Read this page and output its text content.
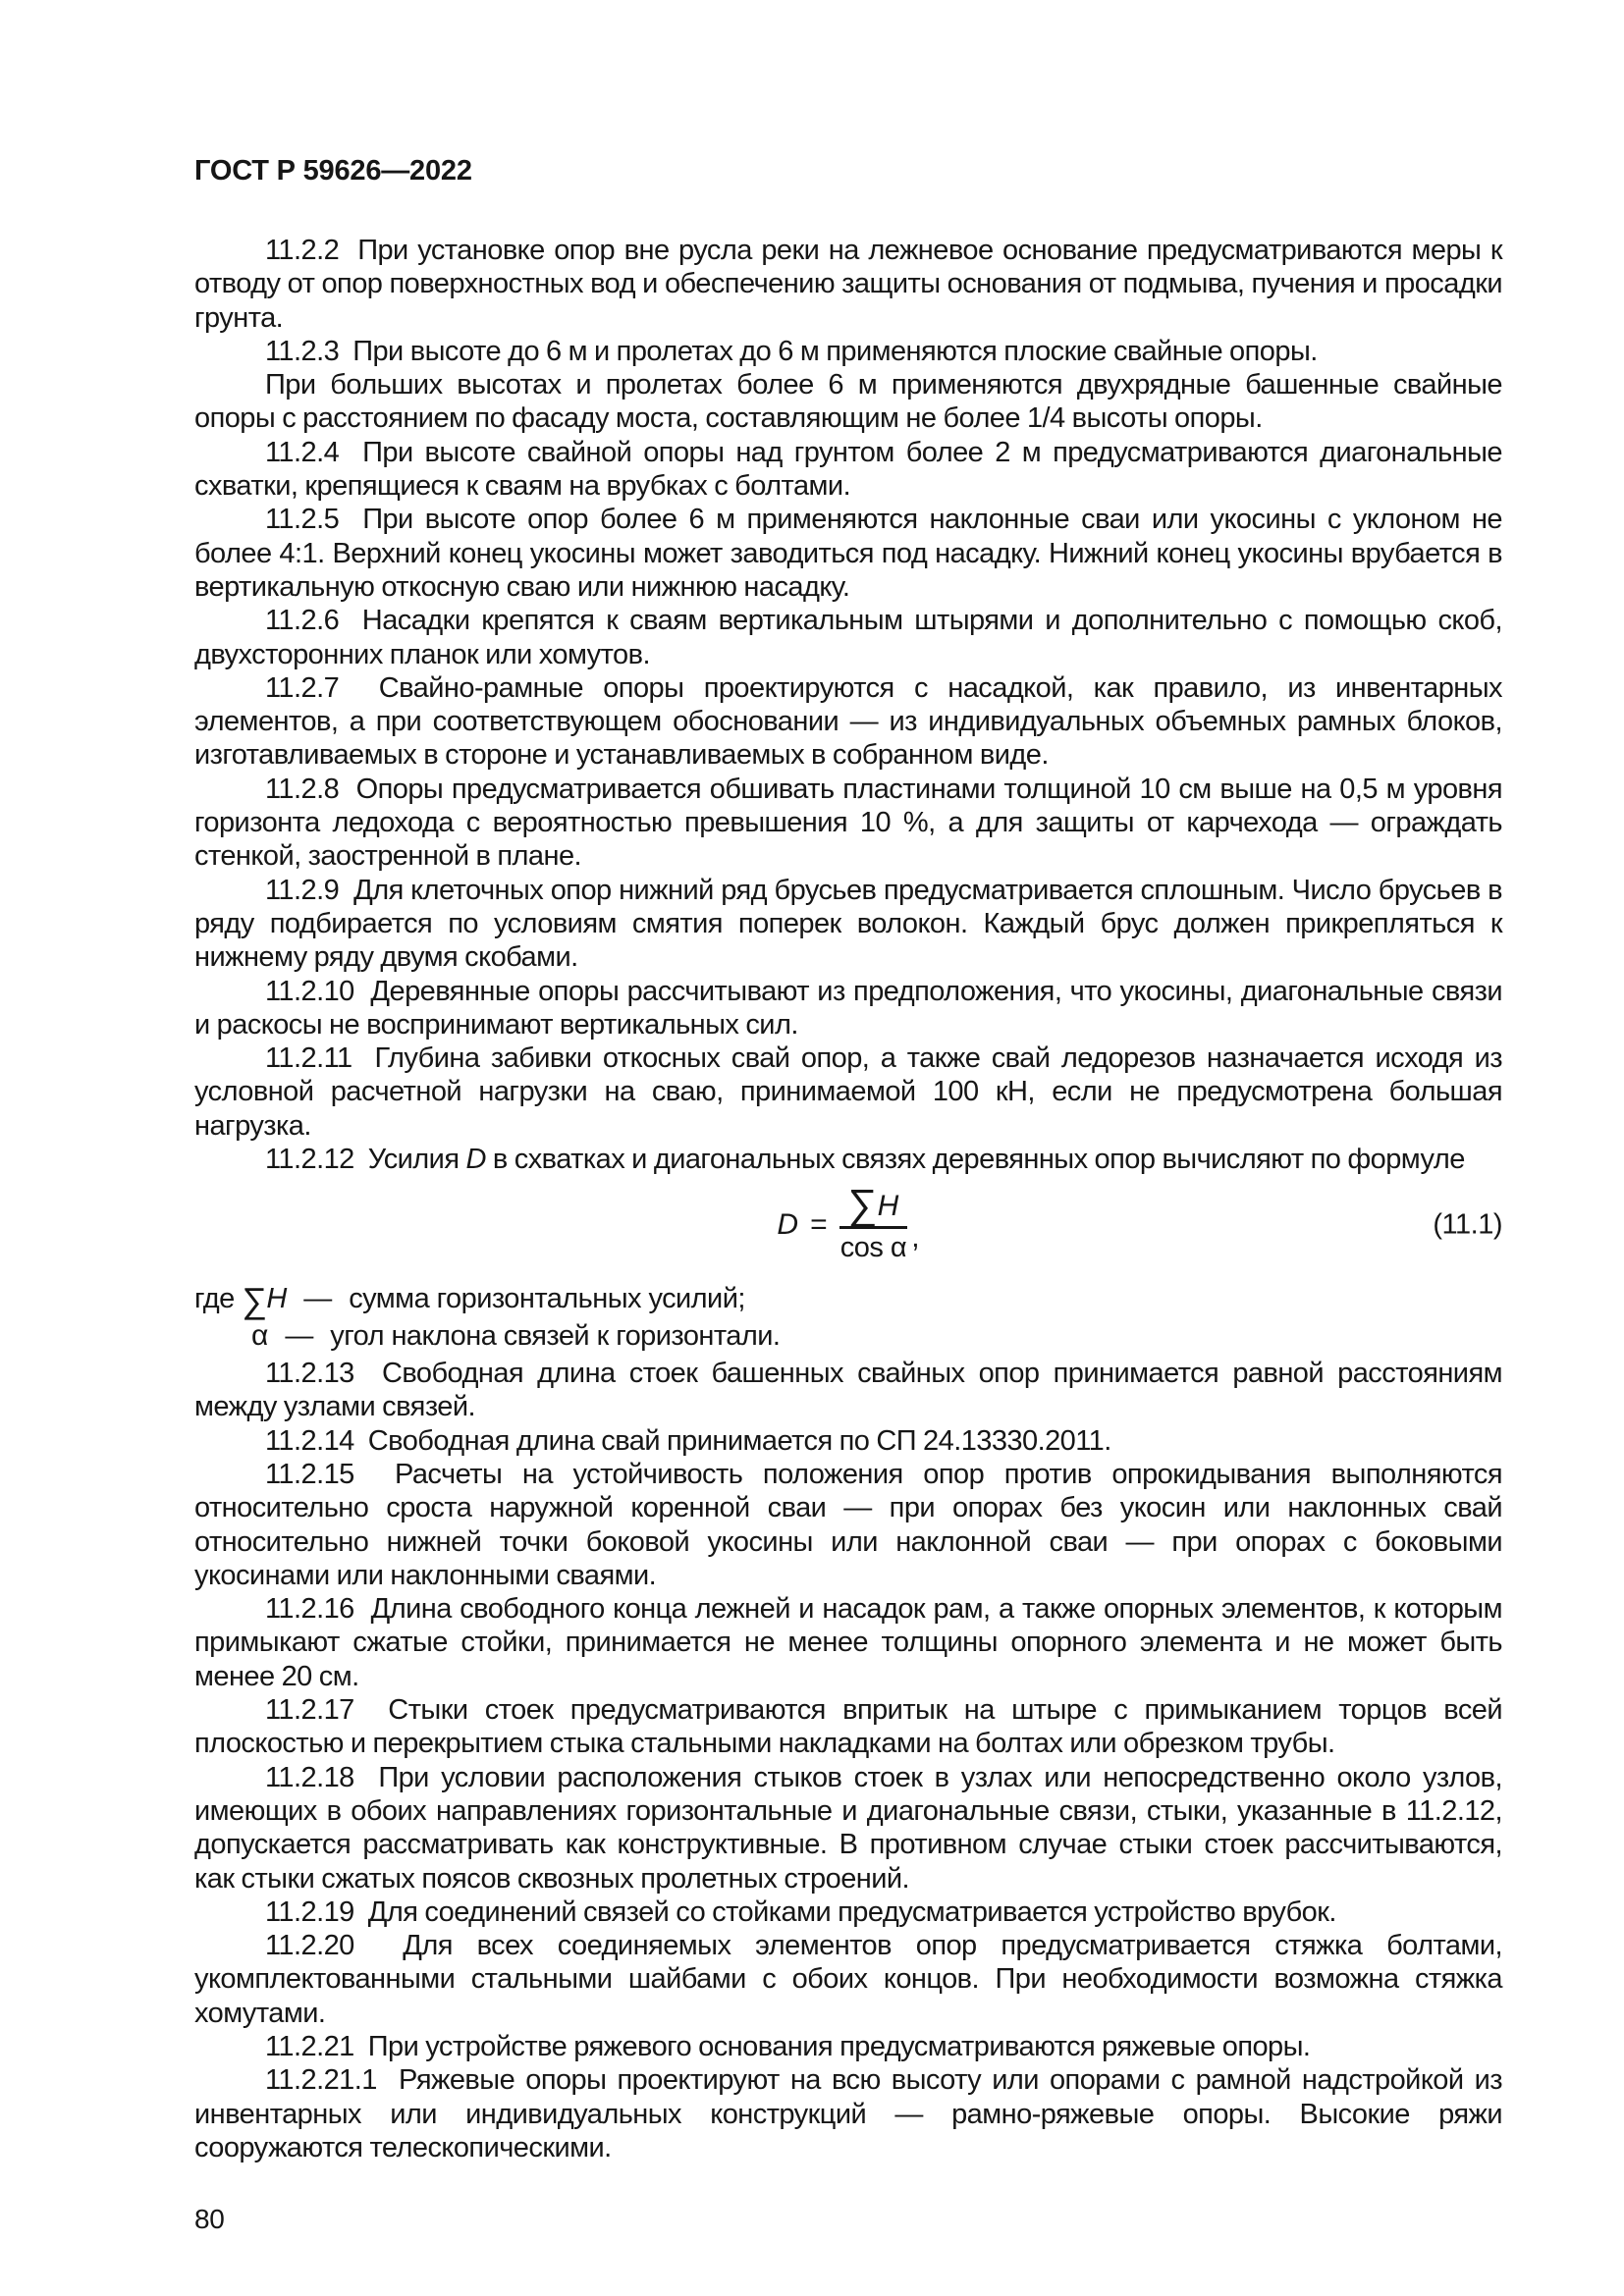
ГОСТ Р 59626—2022

11.2.2  При установке опор вне русла реки на лежневое основание предусматриваются меры к отводу от опор поверхностных вод и обеспечению защиты основания от подмыва, пучения и просадки грунта.

11.2.3  При высоте до 6 м и пролетах до 6 м применяются плоские свайные опоры.

При больших высотах и пролетах более 6 м применяются двухрядные башенные свайные опоры с расстоянием по фасаду моста, составляющим не более 1/4 высоты опоры.

11.2.4  При высоте свайной опоры над грунтом более 2 м предусматриваются диагональные схватки, крепящиеся к сваям на врубках с болтами.

11.2.5  При высоте опор более 6 м применяются наклонные сваи или укосины с уклоном не более 4:1. Верхний конец укосины может заводиться под насадку. Нижний конец укосины врубается в вертикальную откосную сваю или нижнюю насадку.

11.2.6  Насадки крепятся к сваям вертикальным штырями и дополнительно с помощью скоб, двухсторонних планок или хомутов.

11.2.7  Свайно-рамные опоры проектируются с насадкой, как правило, из инвентарных элементов, а при соответствующем обосновании — из индивидуальных объемных рамных блоков, изготавливаемых в стороне и устанавливаемых в собранном виде.

11.2.8  Опоры предусматривается обшивать пластинами толщиной 10 см выше на 0,5 м уровня горизонта ледохода с вероятностью превышения 10 %, а для защиты от карчехода — ограждать стенкой, заостренной в плане.

11.2.9  Для клеточных опор нижний ряд брусьев предусматривается сплошным. Число брусьев в ряду подбирается по условиям смятия поперек волокон. Каждый брус должен прикрепляться к нижнему ряду двумя скобами.

11.2.10  Деревянные опоры рассчитывают из предположения, что укосины, диагональные связи и раскосы не воспринимают вертикальных сил.

11.2.11  Глубина забивки откосных свай опор, а также свай ледорезов назначается исходя из условной расчетной нагрузки на сваю, принимаемой 100 кН, если не предусмотрена большая нагрузка.

11.2.12  Усилия D в схватках и диагональных связях деревянных опор вычисляют по формуле

$D = \frac{\sum H}{\text{cos α}}$ ,	(11.1)
где ∑H — сумма горизонтальных усилий;
α — угол наклона связей к горизонтали.

11.2.13  Свободная длина стоек башенных свайных опор принимается равной расстояниям между узлами связей.

11.2.14  Свободная длина свай принимается по СП 24.13330.2011.

11.2.15  Расчеты на устойчивость положения опор против опрокидывания выполняются относительно сроста наружной коренной сваи — при опорах без укосин или наклонных свай относительно нижней точки боковой укосины или наклонной сваи — при опорах с боковыми укосинами или наклонными сваями.

11.2.16  Длина свободного конца лежней и насадок рам, а также опорных элементов, к которым примыкают сжатые стойки, принимается не менее толщины опорного элемента и не может быть менее 20 см.

11.2.17  Стыки стоек предусматриваются впритык на штыре с примыканием торцов всей плоскостью и перекрытием стыка стальными накладками на болтах или обрезком трубы.

11.2.18  При условии расположения стыков стоек в узлах или непосредственно около узлов, имеющих в обоих направлениях горизонтальные и диагональные связи, стыки, указанные в 11.2.12, допускается рассматривать как конструктивные. В противном случае стыки стоек рассчитываются, как стыки сжатых поясов сквозных пролетных строений.

11.2.19  Для соединений связей со стойками предусматривается устройство врубок.

11.2.20  Для всех соединяемых элементов опор предусматривается стяжка болтами, укомплектованными стальными шайбами с обоих концов. При необходимости возможна стяжка хомутами.

11.2.21  При устройстве ряжевого основания предусматриваются ряжевые опоры.

11.2.21.1  Ряжевые опоры проектируют на всю высоту или опорами с рамной надстройкой из инвентарных или индивидуальных конструкций — рамно-ряжевые опоры. Высокие ряжи сооружаются телескопическими.

80
